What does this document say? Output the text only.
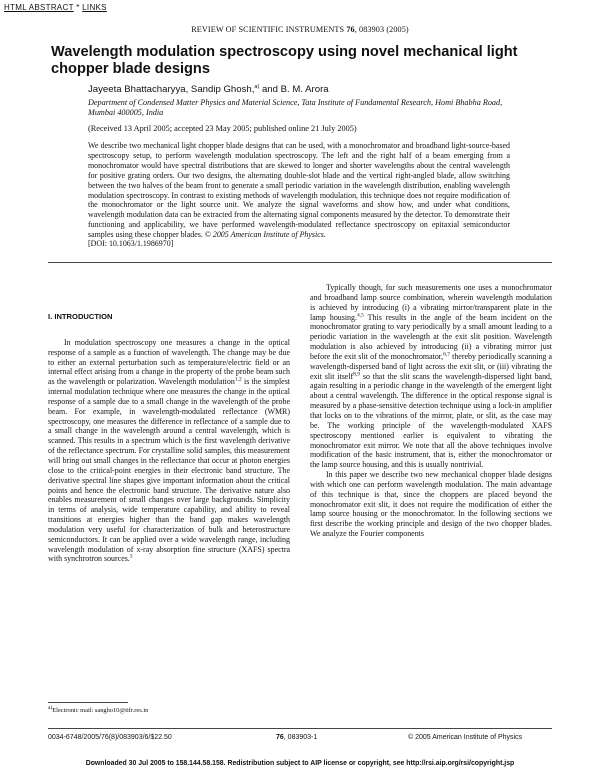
HTML ABSTRACT * LINKS
REVIEW OF SCIENTIFIC INSTRUMENTS 76, 083903 (2005)
Wavelength modulation spectroscopy using novel mechanical light chopper blade designs
Jayeeta Bhattacharyya, Sandip Ghosh,$^{a)}$ and B. M. Arora
Department of Condensed Matter Physics and Material Science, Tata Institute of Fundamental Research, Homi Bhabha Road, Mumbai 400005, India
(Received 13 April 2005; accepted 23 May 2005; published online 21 July 2005)
We describe two mechanical light chopper blade designs that can be used, with a monochromator and broadband light-source-based spectroscopy setup, to perform wavelength modulation spectroscopy. The left and the right half of a beam emerging from a monochromator would have spectral distributions that are skewed to longer and shorter wavelengths about the central wavelength for positive grating orders. Our two designs, the alternating double-slot blade and the vertical right-angled blade, allow switching between the two halves of the beam front to generate a small periodic variation in the wavelength distribution, enabling wavelength modulation spectroscopy. In contrast to existing methods of wavelength modulation, this technique does not require modification of the monochromator or the light source unit. We analyze the signal waveforms and show how, and under what conditions, wavelength modulation data can be extracted from the alternating signal components measured by the detector. To demonstrate their functioning and applicability, we have performed wavelength-modulated reflectance spectroscopy on epitaxial semiconductor samples using these chopper blades. © 2005 American Institute of Physics.
[DOI: 10.1063/1.1986970]
I. INTRODUCTION

In modulation spectroscopy one measures a change in the optical response of a sample as a function of wavelength. The change may be due to either an external perturbation such as temperature/electric field or an internal effect arising from a change in the property of the probe beam such as the wavelength or polarization. Wavelength modulation$^{1,2}$ is the simplest internal modulation technique where one measures the change in the optical response of a sample due to a small change in the wavelength of the probe beam. For example, in wavelength-modulated reflectance (WMR) spectroscopy, one measures the difference in reflectance of a sample due to a small change in the wavelength around a central wavelength, which is scanned. This results in a spectrum which is the first wavelength derivative of the reflectance spectrum. For crystalline solid samples, this measurement will bring out small changes in the reflectance that occur at photon energies close to the critical-point energies in their electronic band structure. The derivative spectral line shapes give important information about the critical points and hence the electronic band structure. The derivative nature also enables measurement of small changes over large backgrounds. Simplicity in terms of analysis, wide temperature capability, and ability to reveal transitions at energies higher than the band gap makes wavelength modulation very useful for characterization of bulk and heterostructure semiconductors. It can be applied over a wide wavelength range, including wavelength modulation of x-ray absorption fine structure (XAFS) spectra with synchrotron sources.$^3$

Typically though, for such measurements one uses a monochromator and broadband lamp source combination, wherein wavelength modulation is achieved by introducing (i) a vibrating mirror/transparent plate in the lamp housing.$^{4,5}$ This results in the angle of the beam incident on the monochromator grating to vary periodically by a small amount leading to a periodic variation in the wavelength at the exit slit position. Wavelength modulation is also achieved by introducing (ii) a vibrating mirror just before the exit slit of the monochromator,$^{6,7}$ thereby periodically scanning a wavelength-dispersed band of light across the exit slit, or (iii) vibrating the exit slit itself$^{8,9}$ so that the slit scans the wavelength-dispersed light band, again resulting in a periodic change in the wavelength of the emergent light about a central wavelength. The difference in the optical response signal is measured by a phase-sensitive detection technique using a lock-in amplifier that locks on to the vibrations of the mirror, plate, or slit, as the case may be. The working principle of the wavelength-modulated XAFS spectroscopy mentioned earlier is equivalent to vibrating the monochromator exit mirror. We note that all the above techniques involve modification of the basic instrument, that is, either the monochromator or the lamp source housing, and this is usually nontrivial.

In this paper we describe two new mechanical chopper blade designs with which one can perform wavelength modulation. The main advantage of this technique is that, since the choppers are placed beyond the monochromator exit slit, it does not require the modification of either the lamp source housing or the monochromator. In the following sections we first describe the working principle and design of the two chopper blades. We analyze the Fourier components

$^{a)}$Electronic mail: sangho10@tifr.res.in
0034-6748/2005/76(8)/083903/6/$22.50	76, 083903-1	© 2005 American Institute of Physics
Downloaded 30 Jul 2005 to 158.144.58.158. Redistribution subject to AIP license or copyright, see http://rsi.aip.org/rsi/copyright.jsp
